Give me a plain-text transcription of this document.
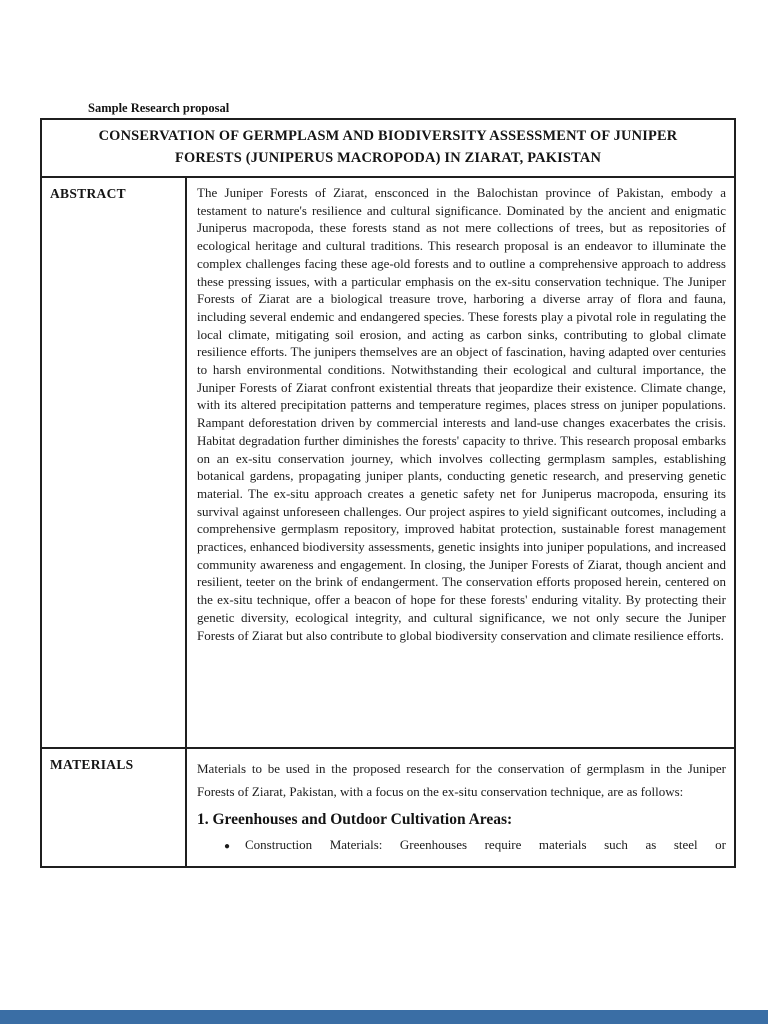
Sample Research proposal
CONSERVATION OF GERMPLASM AND BIODIVERSITY ASSESSMENT OF JUNIPER
FORESTS (JUNIPERUS MACROPODA) IN ZIARAT, PAKISTAN
ABSTRACT	The Juniper Forests of Ziarat, ensconced in the Balochistan province of Pakistan, embody a testament to nature's resilience and cultural significance. Dominated by the ancient and enigmatic Juniperus macropoda, these forests stand as not mere collections of trees, but as repositories of ecological heritage and cultural traditions. This research proposal is an endeavor to illuminate the complex challenges facing these age-old forests and to outline a comprehensive approach to address these pressing issues, with a particular emphasis on the ex-situ conservation technique. The Juniper Forests of Ziarat are a biological treasure trove, harboring a diverse array of flora and fauna, including several endemic and endangered species. These forests play a pivotal role in regulating the local climate, mitigating soil erosion, and acting as carbon sinks, contributing to global climate resilience efforts. The junipers themselves are an object of fascination, having adapted over centuries to harsh environmental conditions. Notwithstanding their ecological and cultural importance, the Juniper Forests of Ziarat confront existential threats that jeopardize their existence. Climate change, with its altered precipitation patterns and temperature regimes, places stress on juniper populations. Rampant deforestation driven by commercial interests and land-use changes exacerbates the crisis. Habitat degradation further diminishes the forests' capacity to thrive. This research proposal embarks on an ex-situ conservation journey, which involves collecting germplasm samples, establishing botanical gardens, propagating juniper plants, conducting genetic research, and preserving genetic material. The ex-situ approach creates a genetic safety net for Juniperus macropoda, ensuring its survival against unforeseen challenges. Our project aspires to yield significant outcomes, including a comprehensive germplasm repository, improved habitat protection, sustainable forest management practices, enhanced biodiversity assessments, genetic insights into juniper populations, and increased community awareness and engagement. In closing, the Juniper Forests of Ziarat, though ancient and resilient, teeter on the brink of endangerment. The conservation efforts proposed herein, centered on the ex-situ technique, offer a beacon of hope for these forests' enduring vitality. By protecting their genetic diversity, ecological integrity, and cultural significance, we not only secure the Juniper Forests of Ziarat but also contribute to global biodiversity conservation and climate resilience efforts.
MATERIALS	Materials to be used in the proposed research for the conservation of germplasm in the Juniper Forests of Ziarat, Pakistan, with a focus on the ex-situ conservation technique, are as follows:
1. Greenhouses and Outdoor Cultivation Areas:
●	Construction Materials: Greenhouses require materials such as steel or
